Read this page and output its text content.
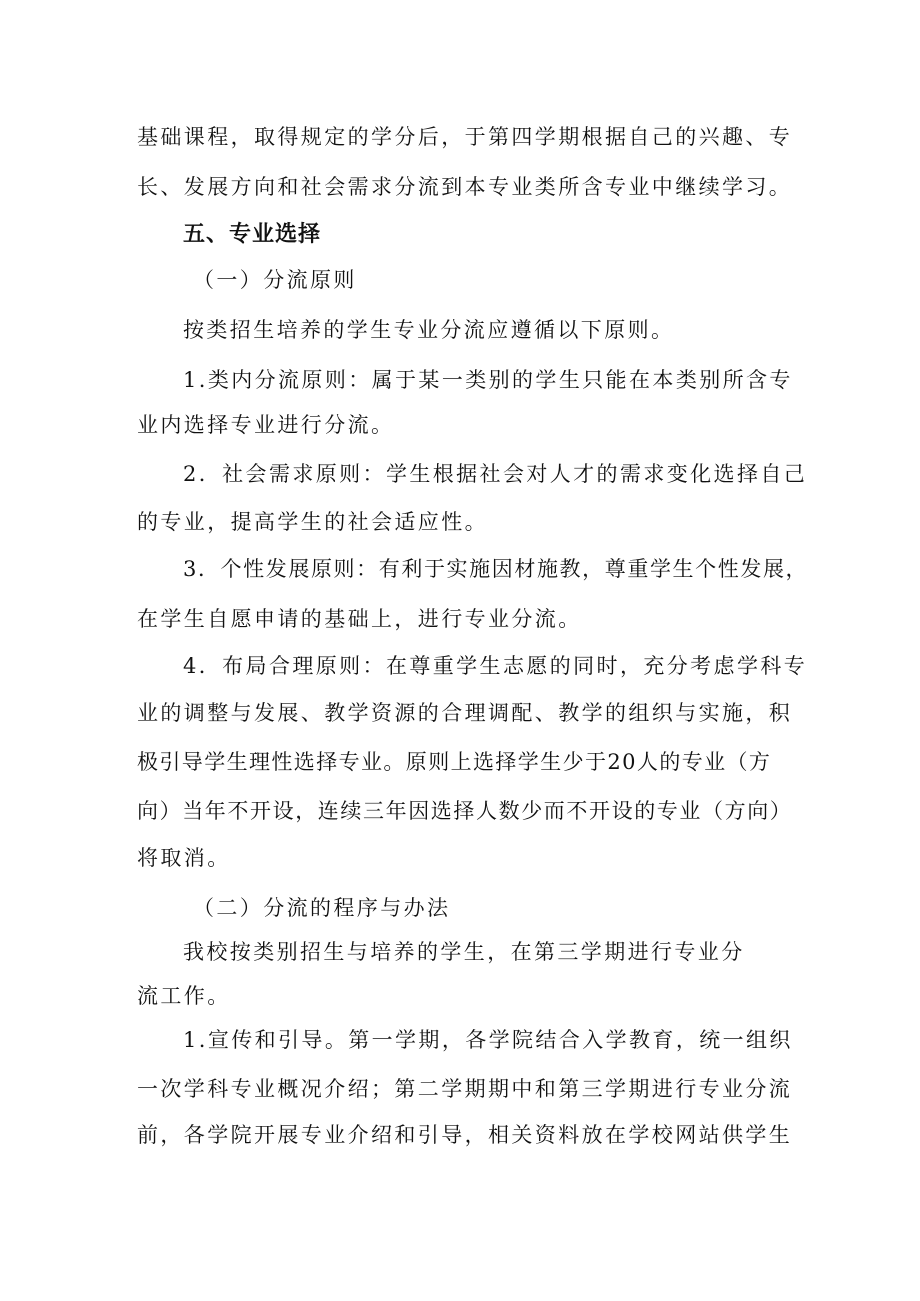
基础课程，取得规定的学分后，于第四学期根据自己的兴趣、专
长、发展方向和社会需求分流到本专业类所含专业中继续学习。
五、专业选择
（一）分流原则
按类招生培养的学生专业分流应遵循以下原则。
1.类内分流原则：属于某一类别的学生只能在本类别所含专
业内选择专业进行分流。
2．社会需求原则：学生根据社会对人才的需求变化选择自己
的专业，提高学生的社会适应性。
3．个性发展原则：有利于实施因材施教，尊重学生个性发展，
在学生自愿申请的基础上，进行专业分流。
4．布局合理原则：在尊重学生志愿的同时，充分考虑学科专
业的调整与发展、教学资源的合理调配、教学的组织与实施，积
极引导学生理性选择专业。原则上选择学生少于20人的专业（方
向）当年不开设，连续三年因选择人数少而不开设的专业（方向）
将取消。
（二）分流的程序与办法
我校按类别招生与培养的学生，在第三学期进行专业分
流工作。
1.宣传和引导。第一学期，各学院结合入学教育，统一组织
一次学科专业概况介绍；第二学期期中和第三学期进行专业分流
前，各学院开展专业介绍和引导，相关资料放在学校网站供学生
